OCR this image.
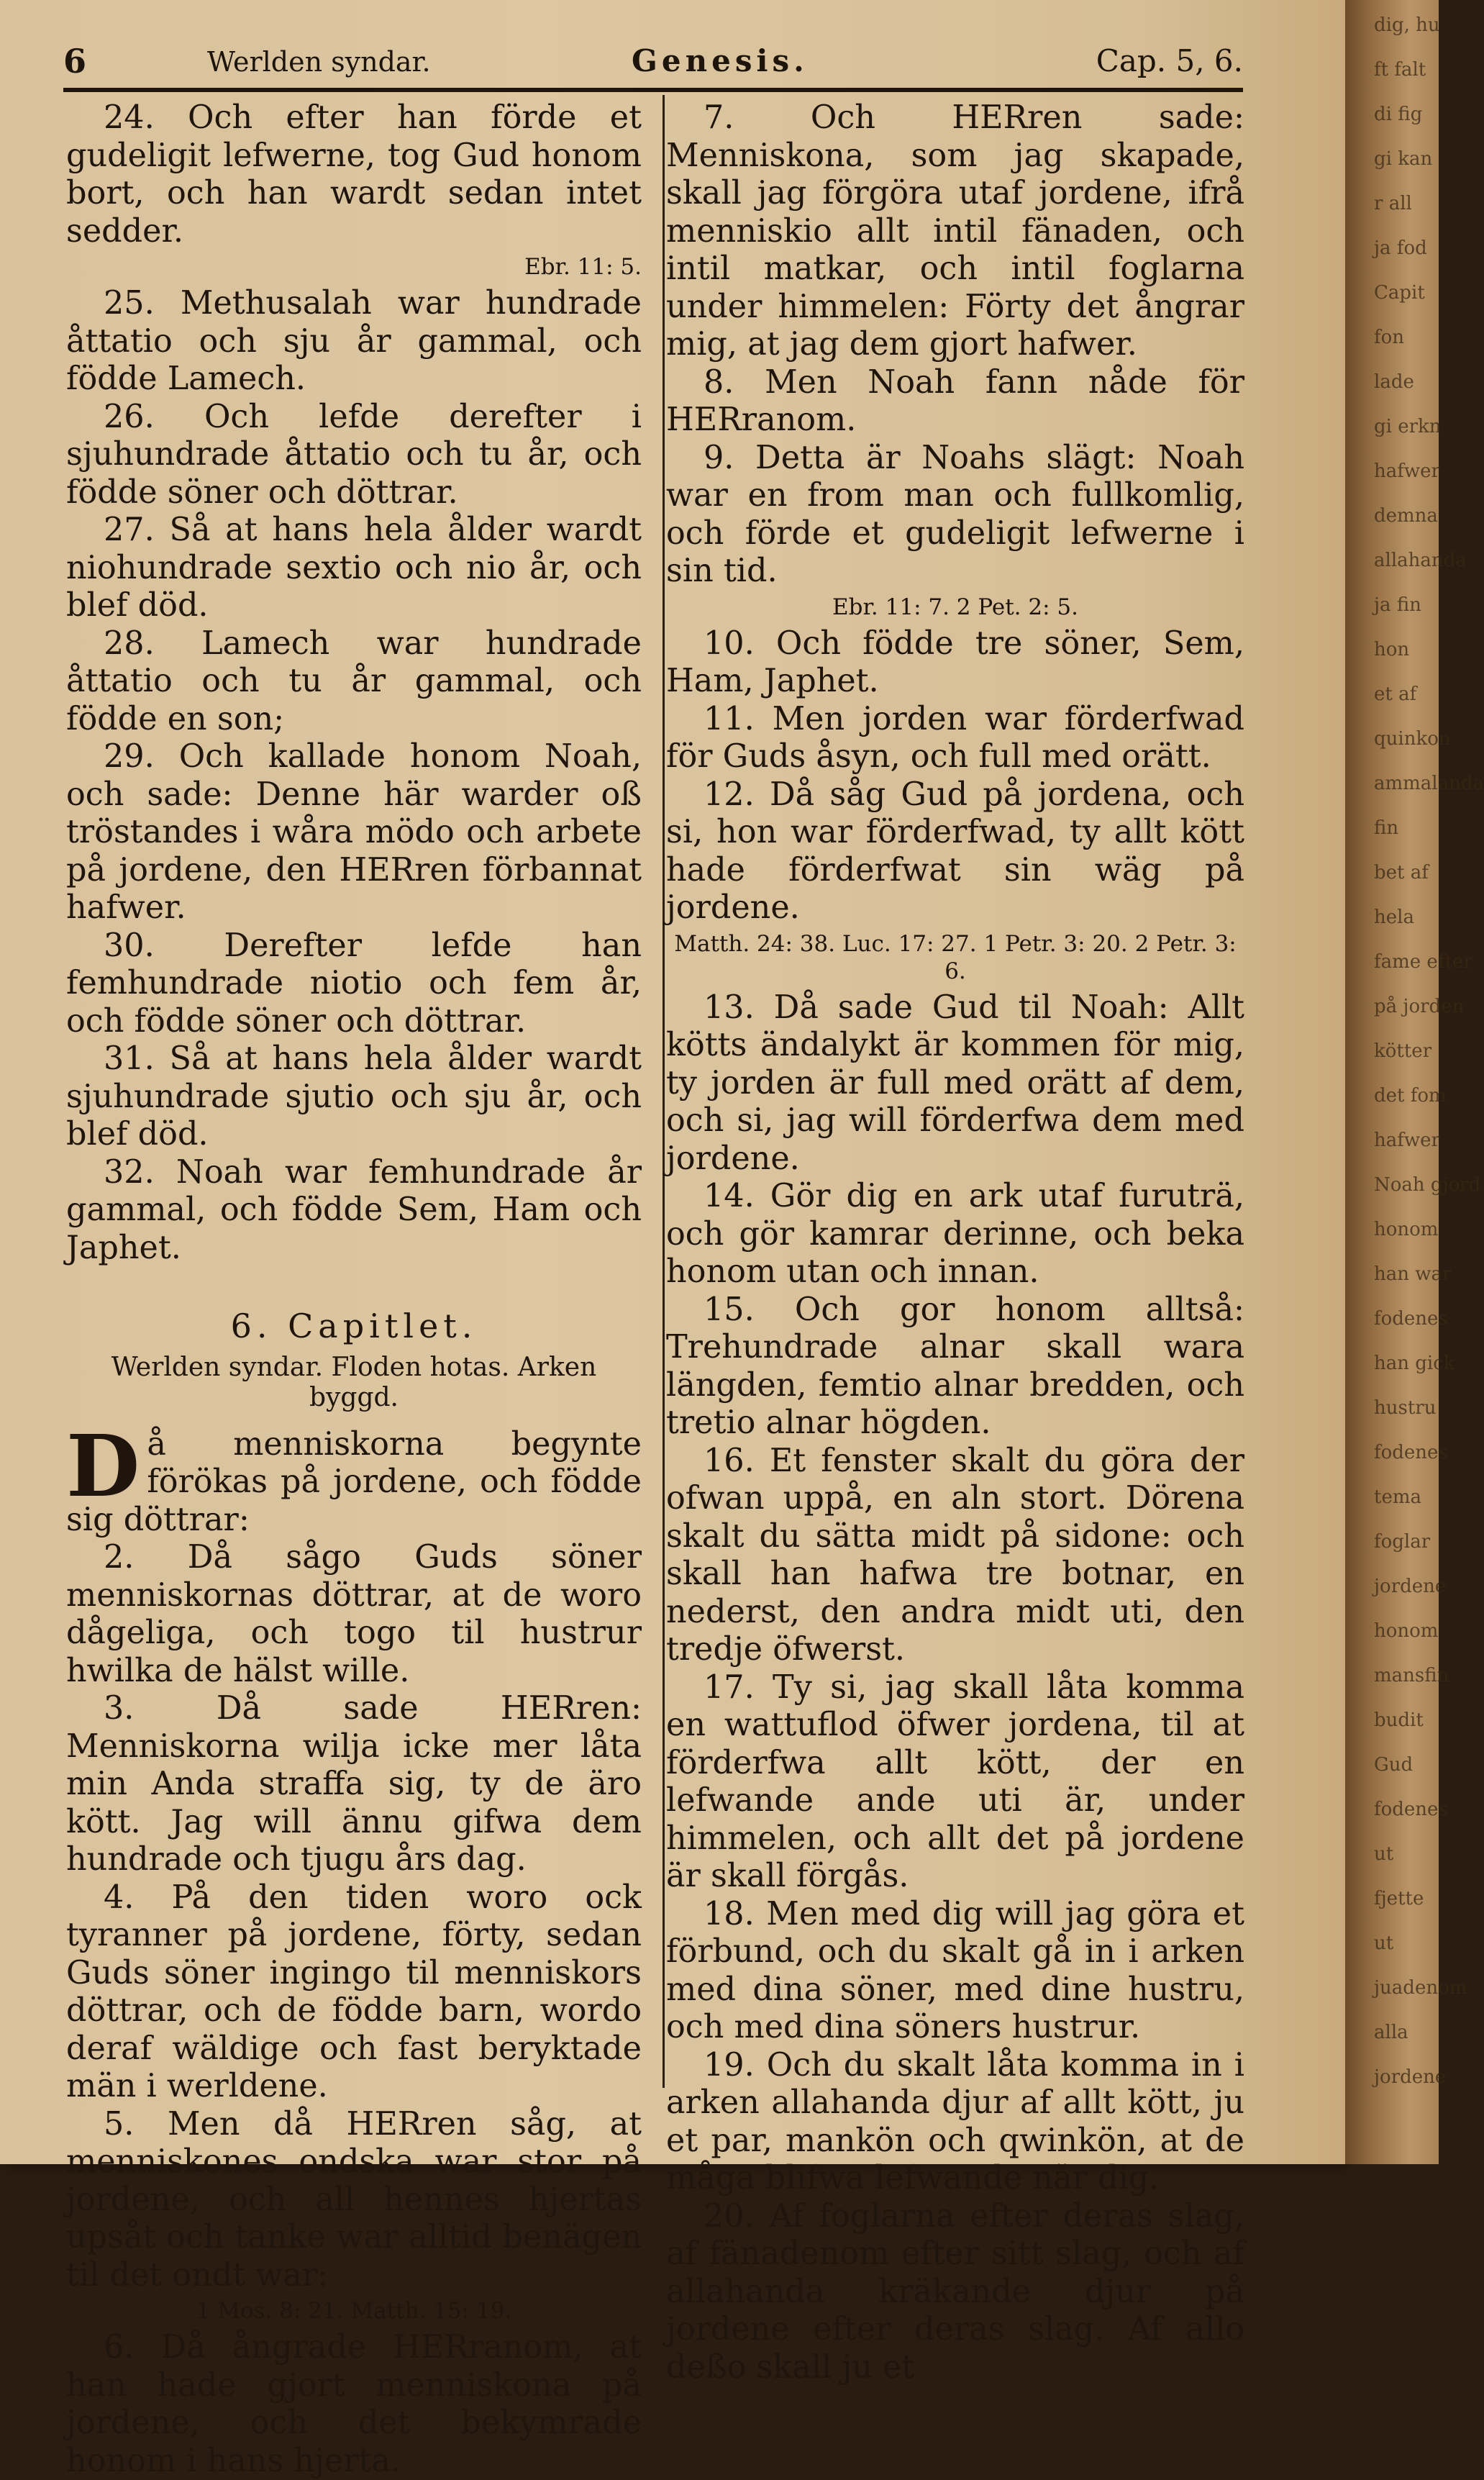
6	Werlden syndar.	Genesis.	Cap. 5, 6.

24. Och efter han förde et gudeligit lefwerne, tog Gud honom bort, och han wardt sedan intet sedder.

Ebr. 11: 5.

25. Methusalah war hundrade åttatio och sju år gammal, och födde Lamech.

26. Och lefde derefter i sjuhundrade åttatio och tu år, och födde söner och döttrar.

27. Så at hans hela ålder wardt niohundrade sextio och nio år, och blef död.

28. Lamech war hundrade åttatio och tu år gammal, och födde en son;

29. Och kallade honom Noah, och sade: Denne här warder oß tröstandes i wåra mödo och arbete på jordene, den HERren förbannat hafwer.

30. Derefter lefde han femhundrade niotio och fem år, och födde söner och döttrar.

31. Så at hans hela ålder wardt sjuhundrade sjutio och sju år, och blef död.

32. Noah war femhundrade år gammal, och födde Sem, Ham och Japhet.

6. Capitlet.
Werlden syndar. Floden hotas. Arken byggd.

D å menniskorna begynte förökas på jordene, och födde sig döttrar:

2. Då sågo Guds söner menniskornas döttrar, at de woro dågeliga, och togo til hustrur hwilka de hälst wille.

3. Då sade HERren: Menniskorna wilja icke mer låta min Anda straffa sig, ty de äro kött. Jag will ännu gifwa dem hundrade och tjugu års dag.

4. På den tiden woro ock tyranner på jordene, förty, sedan Guds söner ingingo til menniskors döttrar, och de födde barn, wordo deraf wäldige och fast beryktade män i werldene.

5. Men då HERren såg, at menniskones ondska war stor på jordene, och all hennes hjertas upsåt och tanke war alltid benägen til det ondt war:

1 Mos. 8: 21. Matth. 15: 19.

6. Då ångrade HERranom, at han hade gjort menniskona på jordene, och det bekymrade honom i hans hjerta.

7. Och HERren sade: Menniskona, som jag skapade, skall jag förgöra utaf jordene, ifrå menniskio allt intil fänaden, och intil matkar, och intil foglarna under himmelen: Förty det ångrar mig, at jag dem gjort hafwer.

8. Men Noah fann nåde för HERranom.

9. Detta är Noahs slägt: Noah war en from man och fullkomlig, och förde et gudeligit lefwerne i sin tid.

Ebr. 11: 7. 2 Pet. 2: 5.

10. Och födde tre söner, Sem, Ham, Japhet.

11. Men jorden war förderfwad för Guds åsyn, och full med orätt.

12. Då såg Gud på jordena, och si, hon war förderfwad, ty allt kött hade förderfwat sin wäg på jordene.

Matth. 24: 38. Luc. 17: 27. 1 Petr. 3: 20. 2 Petr. 3: 6.

13. Då sade Gud til Noah: Allt kötts ändalykt är kommen för mig, ty jorden är full med orätt af dem, och si, jag will förderfwa dem med jordene.

14. Gör dig en ark utaf furuträ, och gör kamrar derinne, och beka honom utan och innan.

15. Och gor honom alltså: Trehundrade alnar skall wara längden, femtio alnar bredden, och tretio alnar högden.

16. Et fenster skalt du göra der ofwan uppå, en aln stort. Dörena skalt du sätta midt på sidone: och skall han hafwa tre botnar, en nederst, den andra midt uti, den tredje öfwerst.

17. Ty si, jag skall låta komma en wattuflod öfwer jordena, til at förderfwa allt kött, der en lefwande ande uti är, under himmelen, och allt det på jordene är skall förgås.

18. Men med dig will jag göra et förbund, och du skalt gå in i arken med dina söner, med dine hustru, och med dina söners hustrur.

19. Och du skalt låta komma in i arken allahanda djur af allt kött, ju et par, mankön och qwinkön, at de måga blifwa lefwande när dig.

20. Af foglarna efter deras slag, af fänadenom efter sitt slag, och af allahanda kräkande djur på jordene efter deras slag. Af allo deßo skall ju et

dig, hu
ft falt
di fig
gi kan
r all
ja fod
Capit
fon
lade
gi erkn
hafwer
demna
allahanda
ja fin
hon
et af
quinkon
ammalanda
fin
bet af
hela
fame efter
på jorden
kötter
det fom
hafwer
Noah gjord
honom
han war
fodenes
han gick
hustru
fodenes
tema
foglar
jordene
honom
mansfin
budit
Gud
fodenes
ut
fjette
ut
juadenom
alla
jordene
